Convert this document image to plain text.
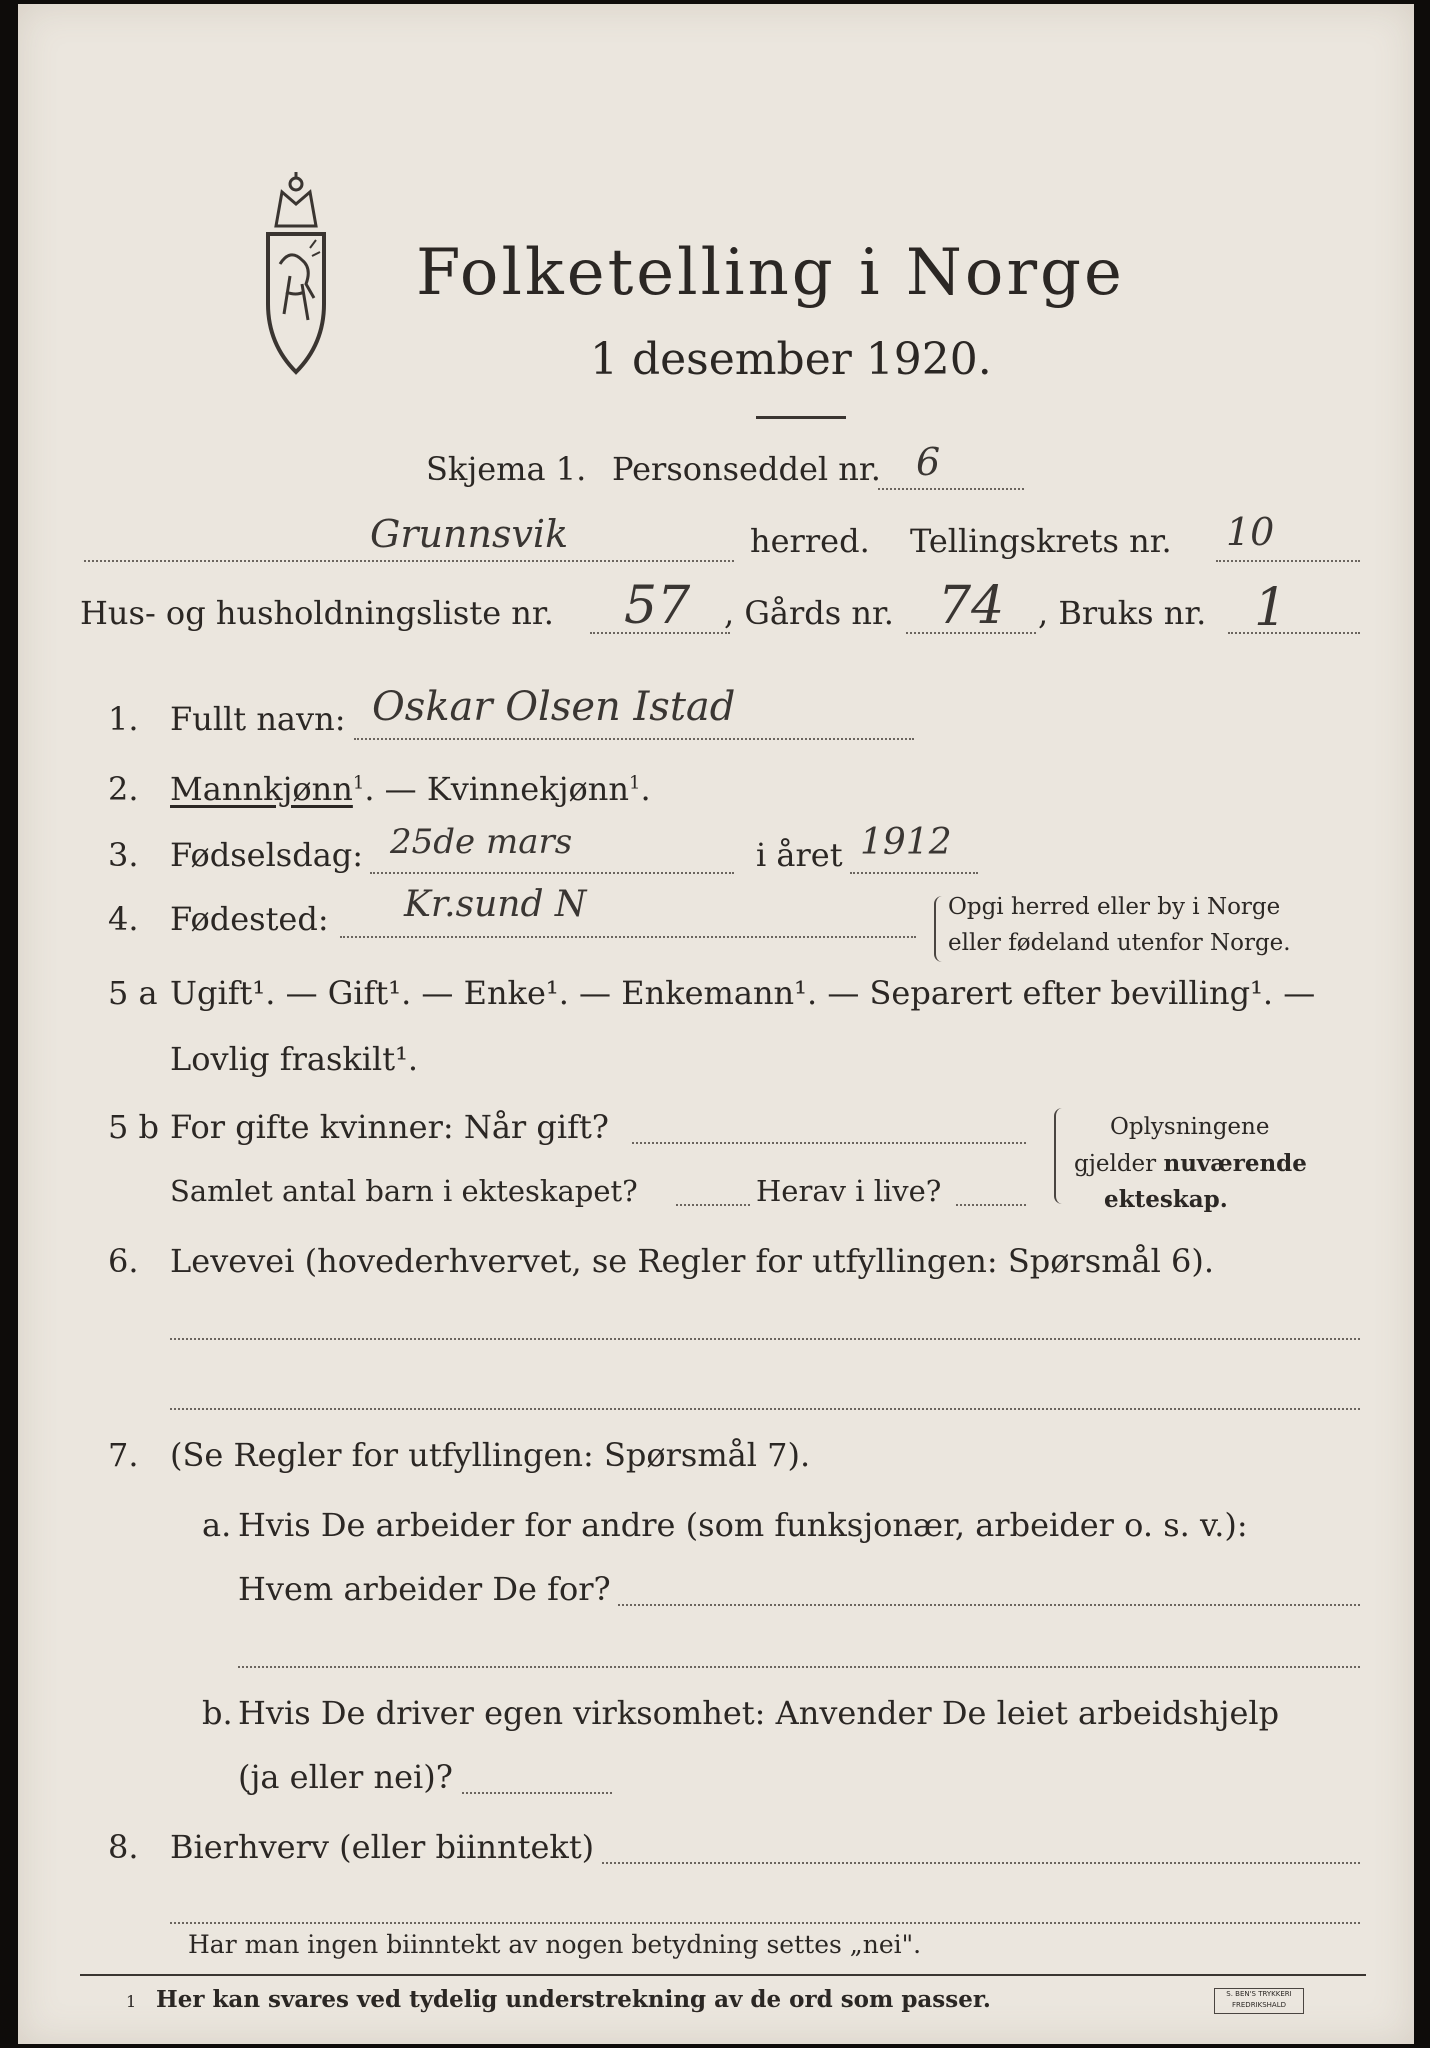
Folketelling i Norge
1 desember 1920.
Skjema 1. Personseddel nr. 6
Grunnsvik	herred. Tellingskrets nr. 10
Hus- og husholdningsliste nr. 57 , Gårds nr. 74 , Bruks nr. 1
1. Fullt navn: Oskar Olsen Istad
2. Mannkjønn$^1$. — Kvinnekjønn$^1$.
3. Fødselsdag: 25de mars	i året 1912
4. Fødested: Kr.sund N	Opgi herred eller by i Norge
eller fødeland utenfor Norge.
5 a Ugift¹. — Gift¹. — Enke¹. — Enkemann¹. — Separert efter bevilling¹. —
Lovlig fraskilt¹.
5 b For gifte kvinner: Når gift?
Samlet antal barn i ekteskapet?	Herav i live?
Oplysningene
gjelder nuværende
ekteskap.
6. Levevei (hovederhvervet, se Regler for utfyllingen: Spørsmål 6).
7. (Se Regler for utfyllingen: Spørsmål 7).
a. Hvis De arbeider for andre (som funksjonær, arbeider o. s. v.):
Hvem arbeider De for?
b. Hvis De driver egen virksomhet: Anvender De leiet arbeidshjelp
(ja eller nei)?
8. Bierhverv (eller biinntekt)
Har man ingen biinntekt av nogen betydning settes „nei".
1 Her kan svares ved tydelig understrekning av de ord som passer.	S. BEN'S TRYKKERI
FREDRIKSHALD
